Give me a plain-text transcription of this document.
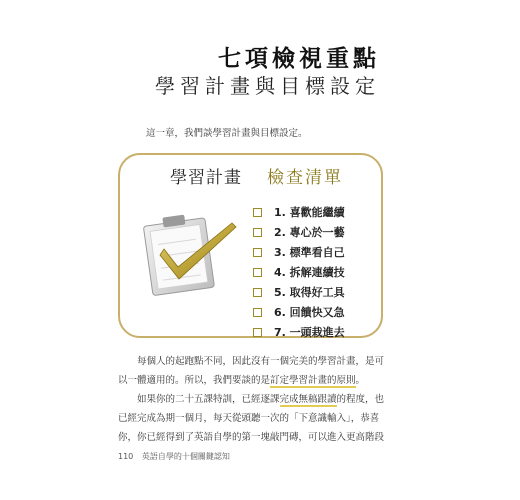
七項檢視重點
學習計畫與目標設定
這一章，我們談學習計畫與目標設定。
學習計畫 檢查清單
1. 喜歡能繼續
2. 專心於一藝
3. 標準看自己
4. 拆解連續技
5. 取得好工具
6. 回饋快又急
7. 一頭栽進去

每個人的起跑點不同，因此沒有一個完美的學習計畫，是可以一體適用的。所以，我們要談的是訂定學習計畫的原則。

如果你的二十五課特訓，已經逐課完成無稿跟讀的程度，也已經完成為期一個月，每天從頭聽一次的「下意識輸入」，恭喜你，你已經得到了英語自學的第一塊敲門磚，可以進入更高階段

110 英語自學的十個關鍵認知
